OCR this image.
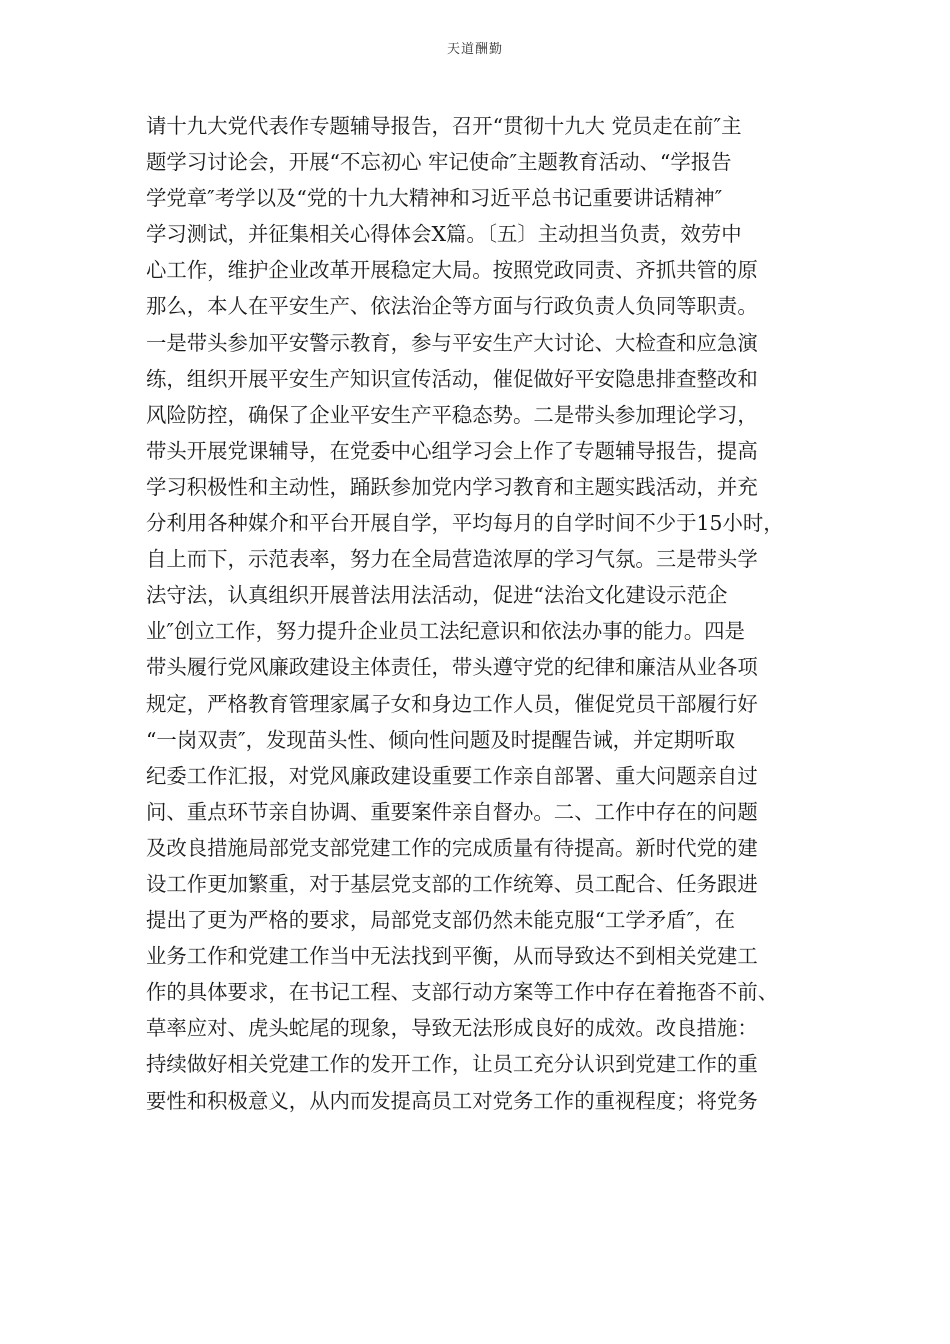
天道酬勤
请十九大党代表作专题辅导报告，召开“贯彻十九大 党员走在前″主
题学习讨论会，开展“不忘初心 牢记使命″主题教育活动、“学报告
学党章″考学以及“党的十九大精神和习近平总书记重要讲话精神″
学习测试，并征集相关心得体会X篇。〔五〕主动担当负责，效劳中
心工作，维护企业改革开展稳定大局。按照党政同责、齐抓共管的原
那么，本人在平安生产、依法治企等方面与行政负责人负同等职责。
一是带头参加平安警示教育，参与平安生产大讨论、大检查和应急演
练，组织开展平安生产知识宣传活动，催促做好平安隐患排查整改和
风险防控，确保了企业平安生产平稳态势。二是带头参加理论学习，
带头开展党课辅导，在党委中心组学习会上作了专题辅导报告，提高
学习积极性和主动性，踊跃参加党内学习教育和主题实践活动，并充
分利用各种媒介和平台开展自学，平均每月的自学时间不少于15小时，
自上而下，示范表率，努力在全局营造浓厚的学习气氛。三是带头学
法守法，认真组织开展普法用法活动，促进“法治文化建设示范企
业″创立工作，努力提升企业员工法纪意识和依法办事的能力。四是
带头履行党风廉政建设主体责任，带头遵守党的纪律和廉洁从业各项
规定，严格教育管理家属子女和身边工作人员，催促党员干部履行好
“一岗双责″，发现苗头性、倾向性问题及时提醒告诫，并定期听取
纪委工作汇报，对党风廉政建设重要工作亲自部署、重大问题亲自过
问、重点环节亲自协调、重要案件亲自督办。二、工作中存在的问题
及改良措施局部党支部党建工作的完成质量有待提高。新时代党的建
设工作更加繁重，对于基层党支部的工作统筹、员工配合、任务跟进
提出了更为严格的要求，局部党支部仍然未能克服“工学矛盾″，在
业务工作和党建工作当中无法找到平衡，从而导致达不到相关党建工
作的具体要求，在书记工程、支部行动方案等工作中存在着拖沓不前、
草率应对、虎头蛇尾的现象，导致无法形成良好的成效。改良措施：
持续做好相关党建工作的发开工作，让员工充分认识到党建工作的重
要性和积极意义，从内而发提高员工对党务工作的重视程度；将党务
